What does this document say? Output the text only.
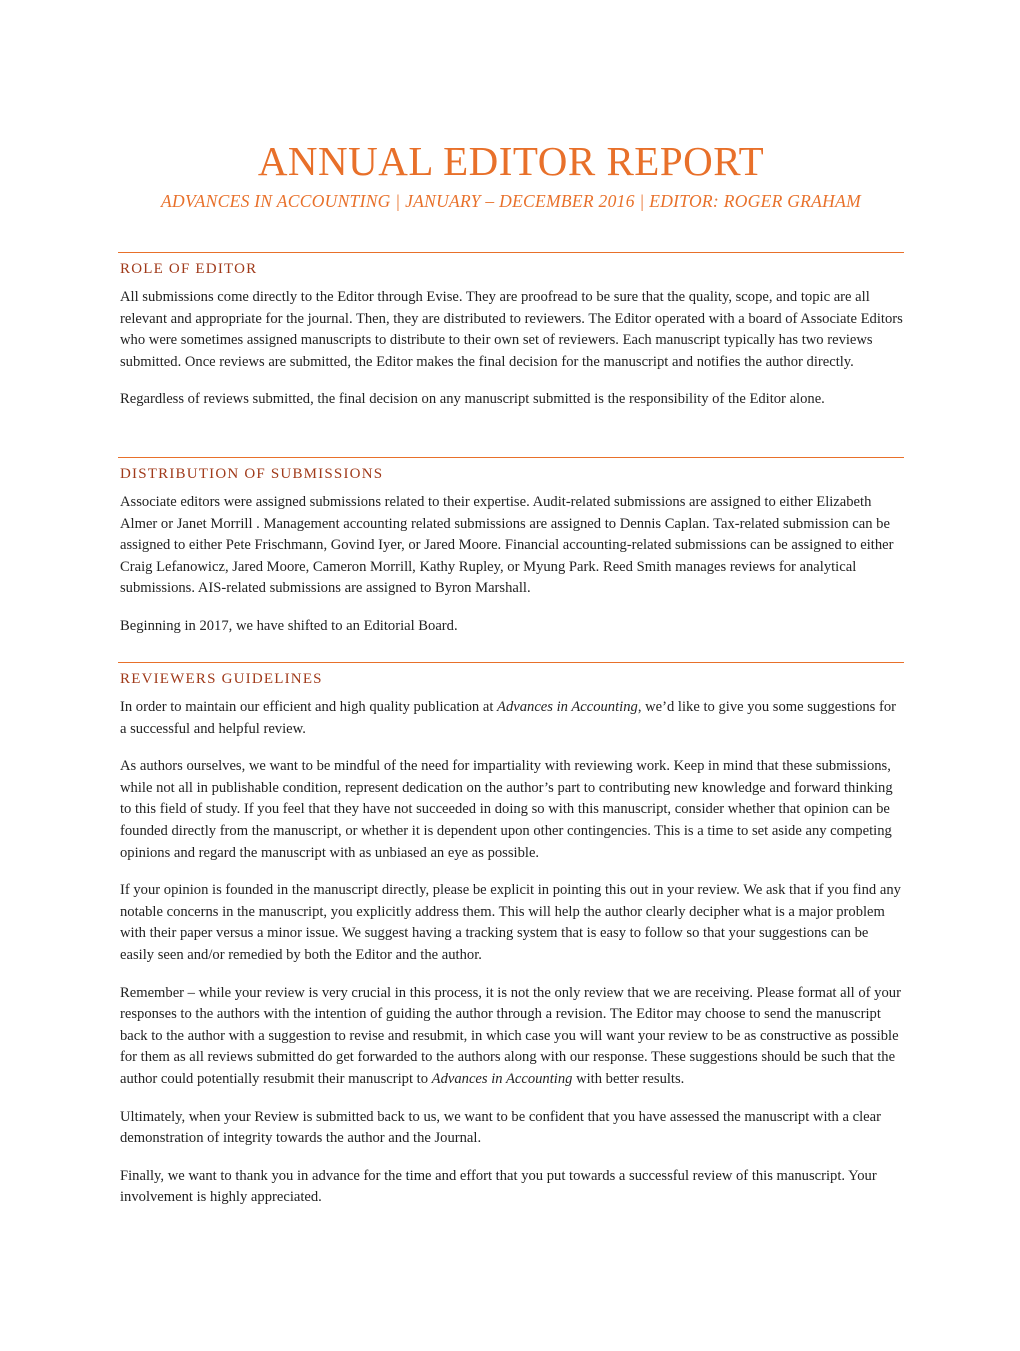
ANNUAL EDITOR REPORT

ADVANCES IN ACCOUNTING | JANUARY – DECEMBER 2016 | EDITOR: ROGER GRAHAM

ROLE OF EDITOR

All submissions come directly to the Editor through Evise. They are proofread to be sure that the quality, scope, and topic are all relevant and appropriate for the journal. Then, they are distributed to reviewers. The Editor operated with a board of Associate Editors who were sometimes assigned manuscripts to distribute to their own set of reviewers. Each manuscript typically has two reviews submitted. Once reviews are submitted, the Editor makes the final decision for the manuscript and notifies the author directly.

Regardless of reviews submitted, the final decision on any manuscript submitted is the responsibility of the Editor alone.

DISTRIBUTION OF SUBMISSIONS

Associate editors were assigned submissions related to their expertise. Audit-related submissions are assigned to either Elizabeth Almer or Janet Morrill . Management accounting related submissions are assigned to Dennis Caplan. Tax-related submission can be assigned to either Pete Frischmann, Govind Iyer, or Jared Moore. Financial accounting-related submissions can be assigned to either Craig Lefanowicz, Jared Moore, Cameron Morrill, Kathy Rupley, or Myung Park. Reed Smith manages reviews for analytical submissions. AIS-related submissions are assigned to Byron Marshall.

Beginning in 2017, we have shifted to an Editorial Board.

REVIEWERS GUIDELINES

In order to maintain our efficient and high quality publication at Advances in Accounting, we’d like to give you some suggestions for a successful and helpful review.

As authors ourselves, we want to be mindful of the need for impartiality with reviewing work. Keep in mind that these submissions, while not all in publishable condition, represent dedication on the author’s part to contributing new knowledge and forward thinking to this field of study. If you feel that they have not succeeded in doing so with this manuscript, consider whether that opinion can be founded directly from the manuscript, or whether it is dependent upon other contingencies. This is a time to set aside any competing opinions and regard the manuscript with as unbiased an eye as possible.

If your opinion is founded in the manuscript directly, please be explicit in pointing this out in your review. We ask that if you find any notable concerns in the manuscript, you explicitly address them. This will help the author clearly decipher what is a major problem with their paper versus a minor issue. We suggest having a tracking system that is easy to follow so that your suggestions can be easily seen and/or remedied by both the Editor and the author.

Remember – while your review is very crucial in this process, it is not the only review that we are receiving. Please format all of your responses to the authors with the intention of guiding the author through a revision. The Editor may choose to send the manuscript back to the author with a suggestion to revise and resubmit, in which case you will want your review to be as constructive as possible for them as all reviews submitted do get forwarded to the authors along with our response. These suggestions should be such that the author could potentially resubmit their manuscript to Advances in Accounting with better results.

Ultimately, when your Review is submitted back to us, we want to be confident that you have assessed the manuscript with a clear demonstration of integrity towards the author and the Journal.

Finally, we want to thank you in advance for the time and effort that you put towards a successful review of this manuscript. Your involvement is highly appreciated.
